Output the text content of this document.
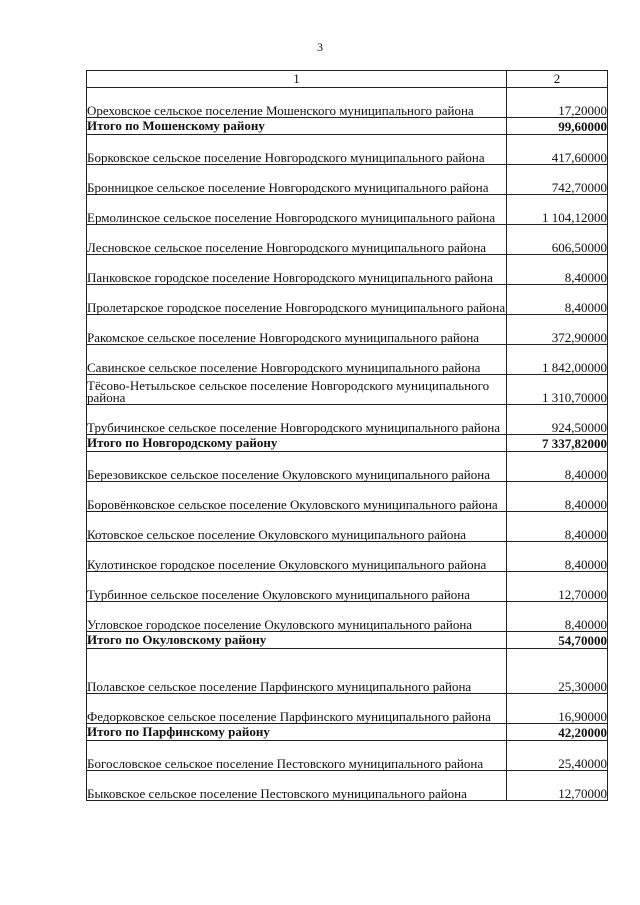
3
1	2
Ореховское сельское поселение Мошенского муниципального района	17,20000
Итого по Мошенскому району	99,60000
Борковское сельское поселение Новгородского муниципального района	417,60000
Бронницкое сельское поселение Новгородского муниципального района	742,70000
Ермолинское сельское поселение Новгородского муниципального района	1 104,12000
Лесновское сельское поселение Новгородского муниципального района	606,50000
Панковское городское поселение Новгородского муниципального района	8,40000
Пролетарское городское поселение Новгородского муниципального района	8,40000
Ракомское сельское поселение Новгородского муниципального района	372,90000
Савинское сельское поселение Новгородского муниципального района	1 842,00000
Тёсово-Нетыльское сельское поселение Новгородского муниципального района	1 310,70000
Трубичинское сельское поселение Новгородского муниципального района	924,50000
Итого по Новгородскому району	7 337,82000
Березовикское сельское поселение Окуловского муниципального района	8,40000
Боровёнковское сельское поселение Окуловского муниципального района	8,40000
Котовское сельское поселение Окуловского муниципального района	8,40000
Кулотинское городское поселение Окуловского муниципального района	8,40000
Турбинное сельское поселение Окуловского муниципального района	12,70000
Угловское городское поселение Окуловского муниципального района	8,40000
Итого по Окуловскому району	54,70000
Полавское сельское поселение Парфинского муниципального района	25,30000
Федорковское сельское поселение Парфинского муниципального района	16,90000
Итого по Парфинскому району	42,20000
Богословское сельское поселение Пестовского муниципального района	25,40000
Быковское сельское поселение Пестовского муниципального района	12,70000
